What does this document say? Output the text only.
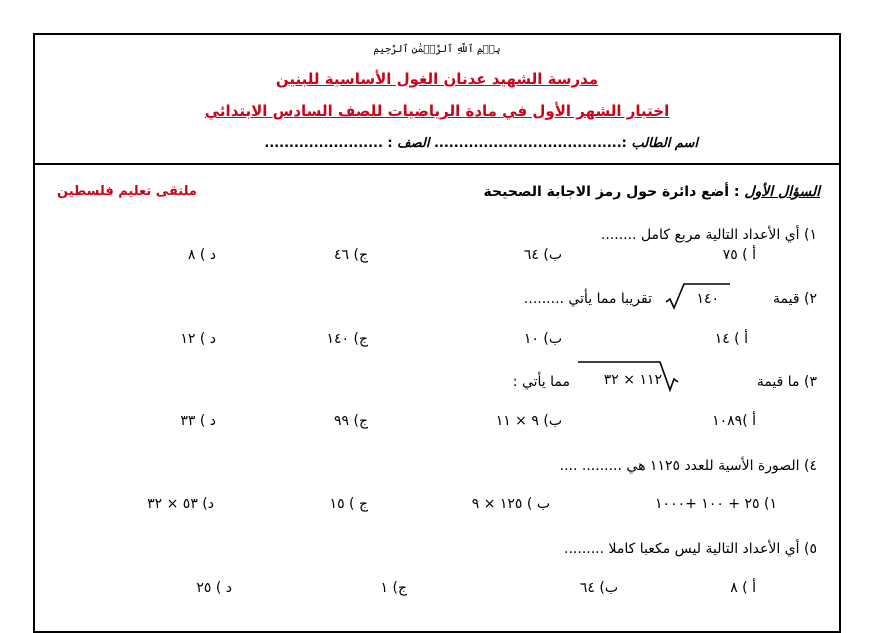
بِسۡمِ ٱللَّهِ ٱلرَّحۡمَٰنِ ٱلرَّحِيمِ
مدرسة الشهيد عدنان الغول الأساسية للبنين
اختبار الشهر الأول في مادة الرياضيات للصف السادس الابتدائي
اسم الطالب :...................................... الصف : ........................
السؤال الأول : أضع دائرة حول رمز الاجابة الصحيحة
ملتقى تعليم فلسطين
١) أي الأعداد التالية مربع كامل ........
أ ) ٧٥
ب) ٦٤
ج) ٤٦
د ) ٨
٢) قيمة
١٤٠
تقريبا مما يأتي .........
أ ) ١٤
ب) ١٠
ج) ١٤٠
د ) ١٢
٣) ما قيمة
١١٢ × ٣٢
مما يأتي :
أ )١٠٨٩
ب) ٩ × ١١
ج) ٩٩
د ) ٣٣
٤) الصورة الأسية للعدد ١١٢٥ هي ......... ....
١) ٢٥ + ١٠٠ +١٠٠٠
ب ) ١٢٥ × ٩
ج ) ١٥
د) ٥٣ × ٣٢
٥) أي الأعداد التالية ليس مكعبا كاملا .........
أ ) ٨
ب) ٦٤
ج) ١
د ) ٢٥
